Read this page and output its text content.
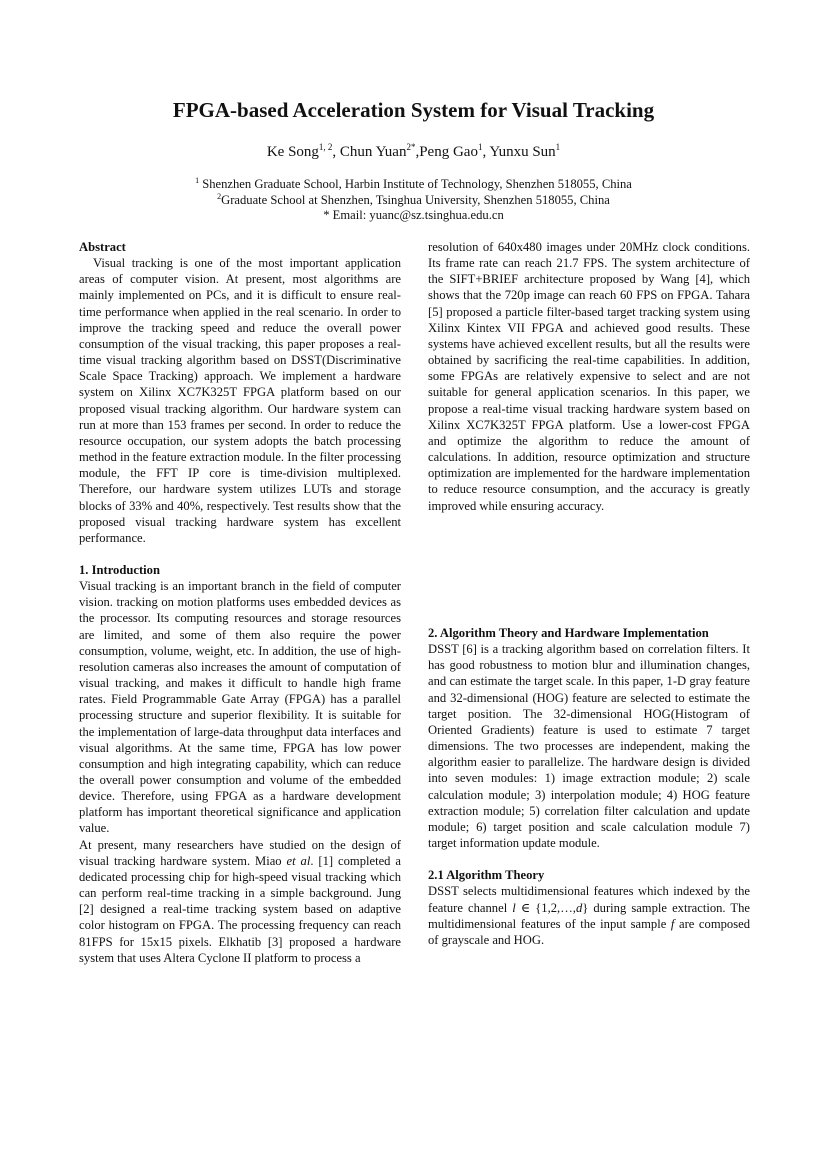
FPGA-based Acceleration System for Visual Tracking
Ke Song$^{1, 2}$, Chun Yuan$^{2*}$,Peng Gao$^1$, Yunxu Sun$^1$
$^1$ Shenzhen Graduate School, Harbin Institute of Technology, Shenzhen 518055, China
$^2$Graduate School at Shenzhen, Tsinghua University, Shenzhen 518055, China
* Email: yuanc@sz.tsinghua.edu.cn

Abstract

Visual tracking is one of the most important application areas of computer vision. At present, most algorithms are mainly implemented on PCs, and it is difficult to ensure real-time performance when applied in the real scenario. In order to improve the tracking speed and reduce the overall power consumption of the visual tracking, this paper proposes a real-time visual tracking algorithm based on DSST(Discriminative Scale Space Tracking) approach. We implement a hardware system on Xilinx XC7K325T FPGA platform based on our proposed visual tracking algorithm. Our hardware system can run at more than 153 frames per second. In order to reduce the resource occupation, our system adopts the batch processing method in the feature extraction module. In the filter processing module, the FFT IP core is time-division multiplexed. Therefore, our hardware system utilizes LUTs and storage blocks of 33% and 40%, respectively. Test results show that the proposed visual tracking hardware system has excellent performance.

1. Introduction

Visual tracking is an important branch in the field of computer vision. tracking on motion platforms uses embedded devices as the processor. Its computing resources and storage resources are limited, and some of them also require the power consumption, volume, weight, etc. In addition, the use of high-resolution cameras also increases the amount of computation of visual tracking, and makes it difficult to handle high frame rates. Field Programmable Gate Array (FPGA) has a parallel processing structure and superior flexibility. It is suitable for the implementation of large-data throughput data interfaces and visual algorithms. At the same time, FPGA has low power consumption and high integrating capability, which can reduce the overall power consumption and volume of the embedded device. Therefore, using FPGA as a hardware development platform has important theoretical significance and application value.

At present, many researchers have studied on the design of visual tracking hardware system. Miao et al. [1] completed a dedicated processing chip for high-speed visual tracking which can perform real-time tracking in a simple background. Jung [2] designed a real-time tracking system based on adaptive color histogram on FPGA. The processing frequency can reach 81FPS for 15x15 pixels. Elkhatib [3] proposed a hardware system that uses Altera Cyclone II platform to process a

resolution of 640x480 images under 20MHz clock conditions. Its frame rate can reach 21.7 FPS. The system architecture of the SIFT+BRIEF architecture proposed by Wang [4], which shows that the 720p image can reach 60 FPS on FPGA. Tahara [5] proposed a particle filter-based target tracking system using Xilinx Kintex VII FPGA and achieved good results. These systems have achieved excellent results, but all the results were obtained by sacrificing the real-time capabilities. In addition, some FPGAs are relatively expensive to select and are not suitable for general application scenarios. In this paper, we propose a real-time visual tracking hardware system based on Xilinx XC7K325T FPGA platform. Use a lower-cost FPGA and optimize the algorithm to reduce the amount of calculations. In addition, resource optimization and structure optimization are implemented for the hardware implementation to reduce resource consumption, and the accuracy is greatly improved while ensuring accuracy.

2. Algorithm Theory and Hardware Implementation

DSST [6] is a tracking algorithm based on correlation filters. It has good robustness to motion blur and illumination changes, and can estimate the target scale. In this paper, 1-D gray feature and 32-dimensional (HOG) feature are selected to estimate the target position. The 32-dimensional HOG(Histogram of Oriented Gradients) feature is used to estimate 7 target dimensions. The two processes are independent, making the algorithm easier to parallelize. The hardware design is divided into seven modules: 1) image extraction module; 2) scale calculation module; 3) interpolation module; 4) HOG feature extraction module; 5) correlation filter calculation and update module; 6) target position and scale calculation module 7) target information update module.

2.1 Algorithm Theory

DSST selects multidimensional features which indexed by the feature channel l ∈ {1,2,…,d} during sample extraction. The multidimensional features of the input sample f are composed of grayscale and HOG.
